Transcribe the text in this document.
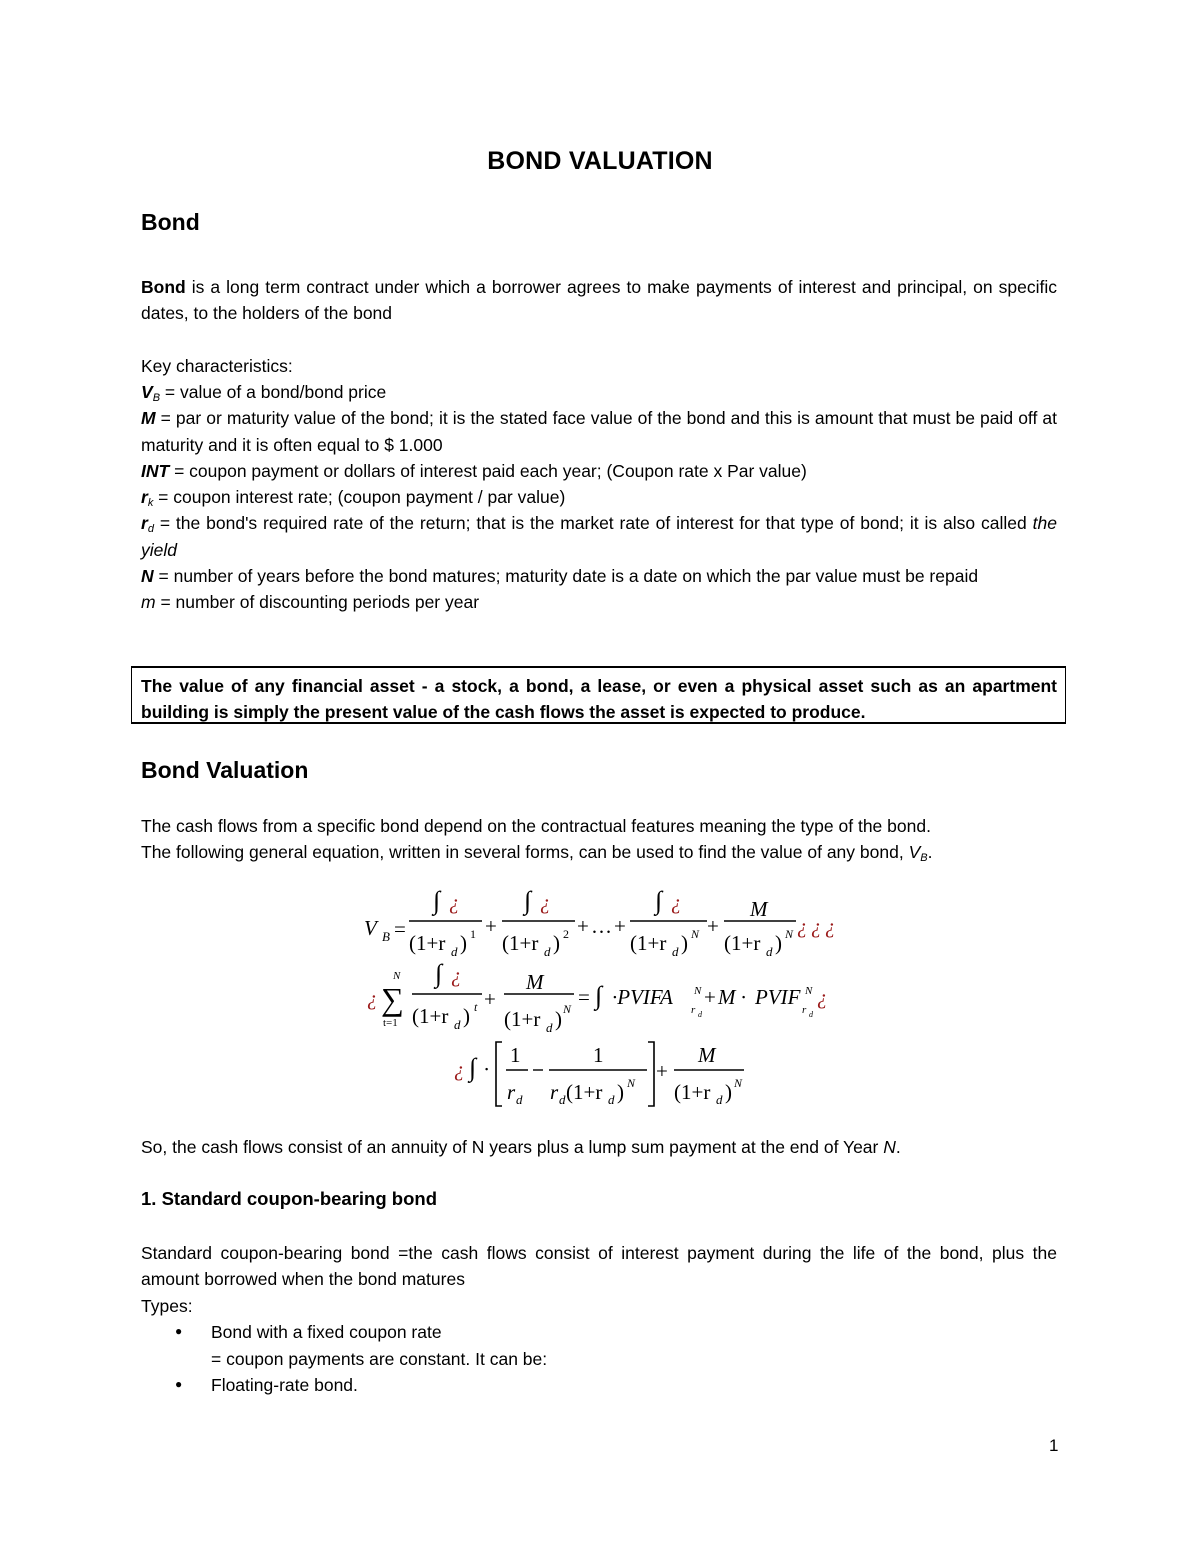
BOND VALUATION
Bond
Bond is a long term contract under which a borrower agrees to make payments of interest and principal, on specific dates, to the holders of the bond
Key characteristics:
$V_B$ = value of a bond/bond price
M = par or maturity value of the bond; it is the stated face value of the bond and this is amount that must be paid off at maturity and it is often equal to $ 1.000
INT = coupon payment or dollars of interest paid each year; (Coupon rate x Par value)
$r_k$ = coupon interest rate; (coupon payment / par value)
$r_d$ = the bond's required rate of the return; that is the market rate of interest for that type of bond; it is also called the yield
N = number of years before the bond matures; maturity date is a date on which the par value must be repaid
m = number of discounting periods per year
The value of any financial asset - a stock, a bond, a lease, or even a physical asset such as an apartment building is simply the present value of the cash flows the asset is expected to produce.
Bond Valuation
The cash flows from a specific bond depend on the contractual features meaning the type of the bond.
The following general equation, written in several forms, can be used to find the value of any bond, $V_B$.
V B =
∫ ¿
(1+r d ) 1 +
∫ ¿
(1+r d ) 2 + … +
∫ ¿
(1+r d ) N +
M
(1+r d ) N ¿ ¿ ¿
¿
N
∑
t=1
∫ ¿
(1+r d ) t +
M
(1+r d ) N = ∫ ∙PVIFA N
r d
+ M ∙ PVIF N
r d
¿
¿ ∫ ∙
1
r d
1
r d (1+r d ) N +
M
(1+r d ) N
So, the cash flows consist of an annuity of N years plus a lump sum payment at the end of Year N.
1. Standard coupon-bearing bond
Standard coupon-bearing bond =the cash flows consist of interest payment during the life of the bond, plus the amount borrowed when the bond matures
Types:
● Bond with a fixed coupon rate
= coupon payments are constant. It can be:
● Floating-rate bond.
1
